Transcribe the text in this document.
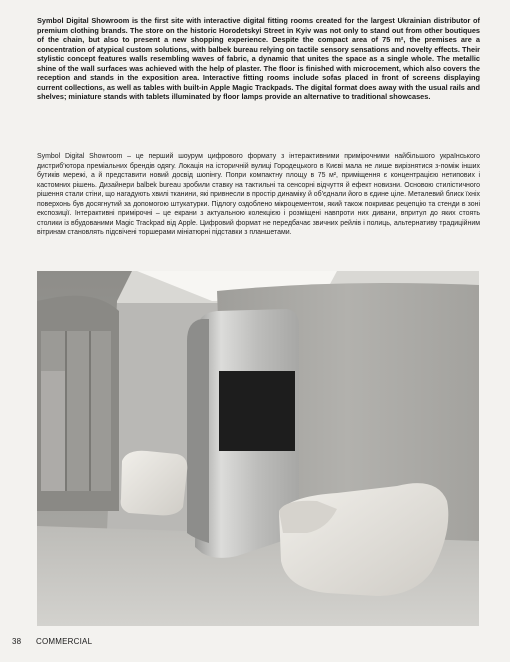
Symbol Digital Showroom is the first site with interactive digital fitting rooms created for the largest Ukrainian distributor of premium clothing brands. The store on the historic Horodetskyi Street in Kyiv was not only to stand out from other boutiques of the chain, but also to present a new shopping experience. Despite the compact area of 75 m², the premises are a concentration of atypical custom solutions, with balbek bureau relying on tactile sensory sensations and novelty effects. Their stylistic concept features walls resembling waves of fabric, a dynamic that unites the space as a single whole. The metallic shine of the wall surfaces was achieved with the help of plaster. The floor is finished with microcement, which also covers the reception and stands in the exposition area. Interactive fitting rooms include sofas placed in front of screens displaying current collections, as well as tables with built-in Apple Magic Trackpads. The digital format does away with the usual rails and shelves; miniature stands with tablets illuminated by floor lamps provide an alternative to traditional showcases.

Symbol Digital Showroom – це перший шоурум цифрового формату з інтерактивними примірочними найбільшого українського дистриб'ютора преміальних брендів одягу. Локація на історичній вулиці Городецького в Києві мала не лише вирізнятися з-поміж інших бутиків мережі, а й представити новий досвід шопінгу. Попри компактну площу в 75 м², приміщення є концентрацією нетипових і кастомних рішень. Дизайнери balbek bureau зробили ставку на тактильні та сенсорні відчуття й ефект новизни. Основою стилістичного рішення стали стіни, що нагадують хвилі тканини, які привнесли в простір динаміку й об'єднали його в єдине ціле. Металевий блиск їхніх поверхонь був досягнутий за допомогою штукатурки. Підлогу оздоблено мікроцементом, який також покриває рецепцію та стенди в зоні експозиції. Інтерактивні примірочні – це екрани з актуальною колекцією і розміщені навпроти них дивани, впритул до яких стоять столики із вбудованими Magic Trackpad від Apple. Цифровий формат не передбачає звичних рейлів і полиць, альтернативу традиційним вітринам становлять підсвічені торшерами мініатюрні підставки з планшетами.

38 COMMERCIAL
